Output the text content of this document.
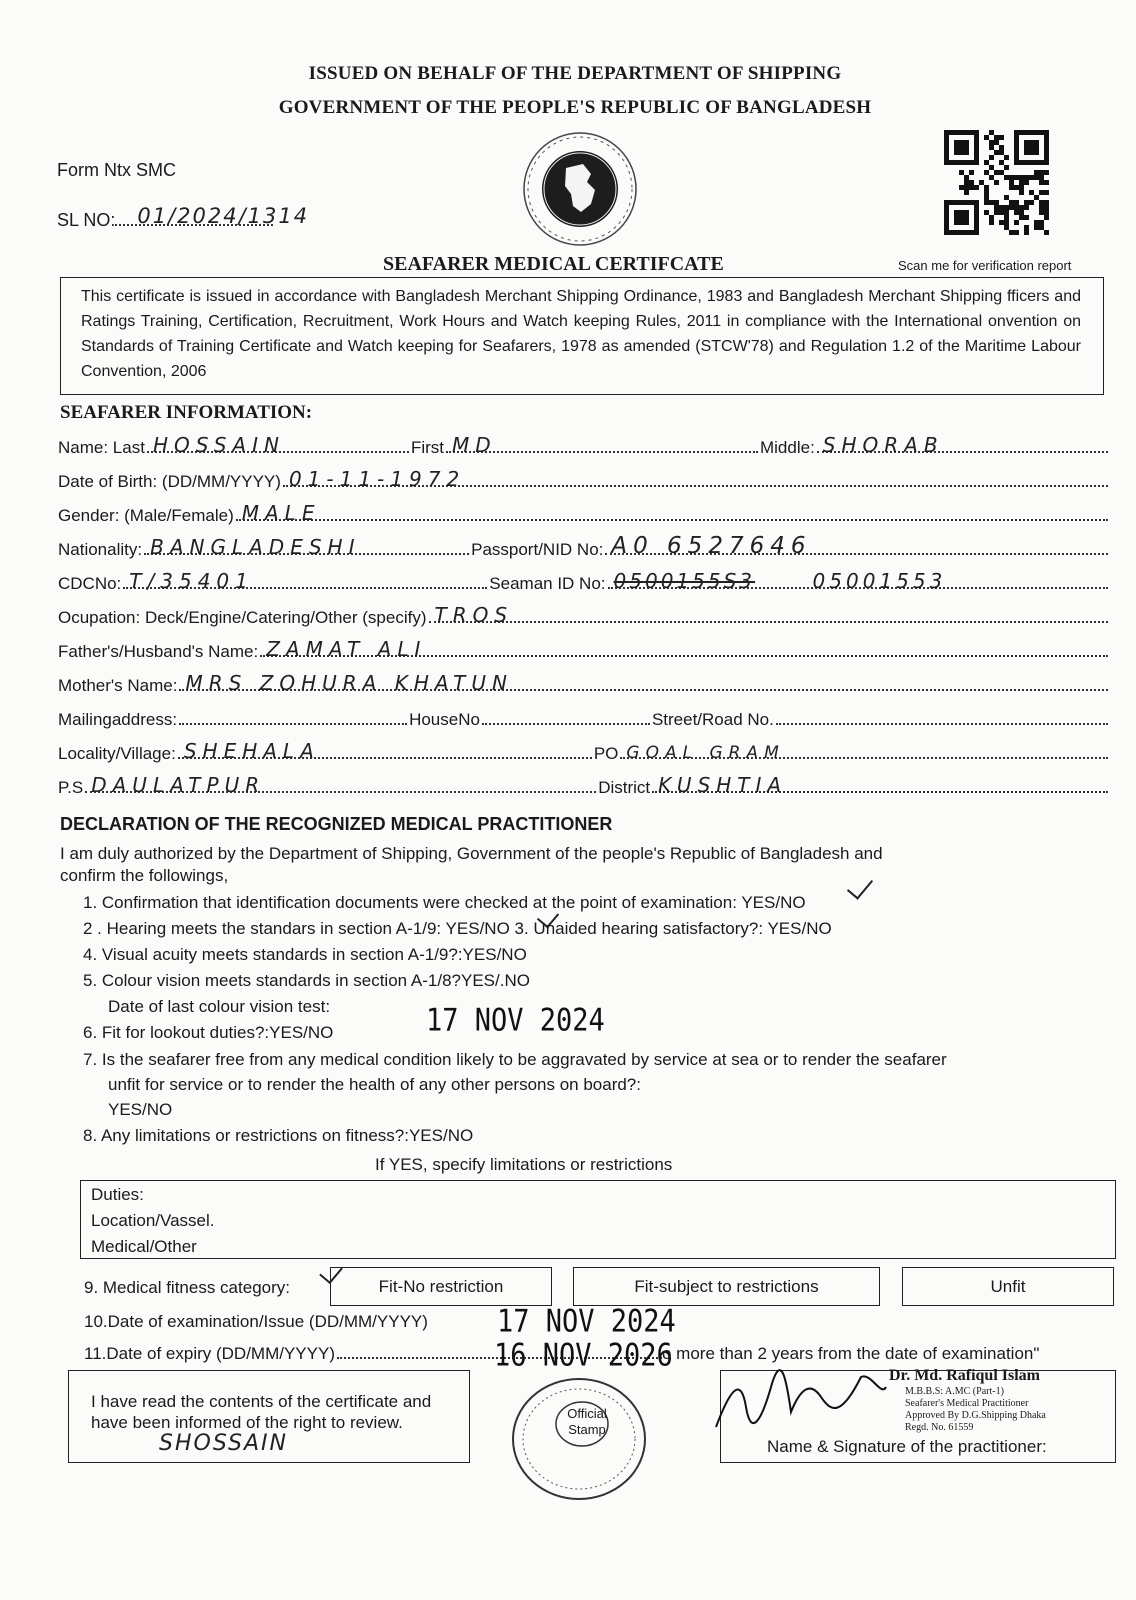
ISSUED ON BEHALF OF THE DEPARTMENT OF SHIPPING
GOVERNMENT OF THE PEOPLE'S REPUBLIC OF BANGLADESH
Form Ntx SMC
SL NO: 01/2024/1314
Scan me for verification report
SEAFARER MEDICAL CERTIFCATE
This certificate is issued in accordance with Bangladesh Merchant Shipping Ordinance, 1983 and Bangladesh Merchant Shipping fficers and Ratings Training, Certification, Recruitment, Work Hours and Watch keeping Rules, 2011 in compliance with the International onvention on Standards of Training Certificate and Watch keeping for Seafarers, 1978 as amended (STCW'78) and Regulation 1.2 of the Maritime Labour Convention, 2006
SEAFARER INFORMATION:
Name: Last HOSSAIN	First MD	Middle: SHORAB
Date of Birth: (DD/MM/YYYY) 01-11-1972
Gender: (Male/Female) MALE
Nationality: BANGLADESHI	Passport/NID No: A0 6527646
CDCNo: T/35401	Seaman ID No: 0500155S3	05001553
Ocupation: Deck/Engine/Catering/Other (specify) TROS
Father's/Husband's Name: ZAMAT ALI
Mother's Name: MRS ZOHURA KHATUN
Mailingaddress:	HouseNo	Street/Road No.
Locality/Village: SHEHALA	PO GOAL GRAM
P.S DAULATPUR	District KUSHTIA
DECLARATION OF THE RECOGNIZED MEDICAL PRACTITIONER
I am duly authorized by the Department of Shipping, Government of the people's Republic of Bangladesh and
confirm the followings,
1. Confirmation that identification documents were checked at the point of examination: YES/NO
2 . Hearing meets the standars in section A-1/9: YES/NO 3. Unaided hearing satisfactory?: YES/NO
4. Visual acuity meets standards in section A-1/9?:YES/NO
5. Colour vision meets standards in section A-1/8?YES/.NO
Date of last colour vision test:
6. Fit for lookout duties?:YES/NO	17 NOV 2024
7. Is the seafarer free from any medical condition likely to be aggravated by service at sea or to render the seafarer
unfit for service or to render the health of any other persons on board?:
YES/NO
8. Any limitations or restrictions on fitness?:YES/NO
If YES, specify limitations or restrictions
Duties:
Location/Vassel.
Medical/Other
9. Medical fitness category:	Fit-No restriction	Fit-subject to restrictions	Unfit
10.Date of examination/Issue (DD/MM/YYYY)	17 NOV 2024
11.Date of expiry (DD/MM/YYYY)	16 NOV 2026
o more than 2 years from the date of examination"
I have read the contents of the certificate and have been informed of the right to review.
SHOSSAIN
Official Stamp
Dr. Md. Rafiqul Islam
M.B.B.S: A.MC (Part-1)
Seafarer's Medical Practitioner
Approved By D.G.Shipping Dhaka
Regd. No. 61559
Name & Signature of the practitioner:
